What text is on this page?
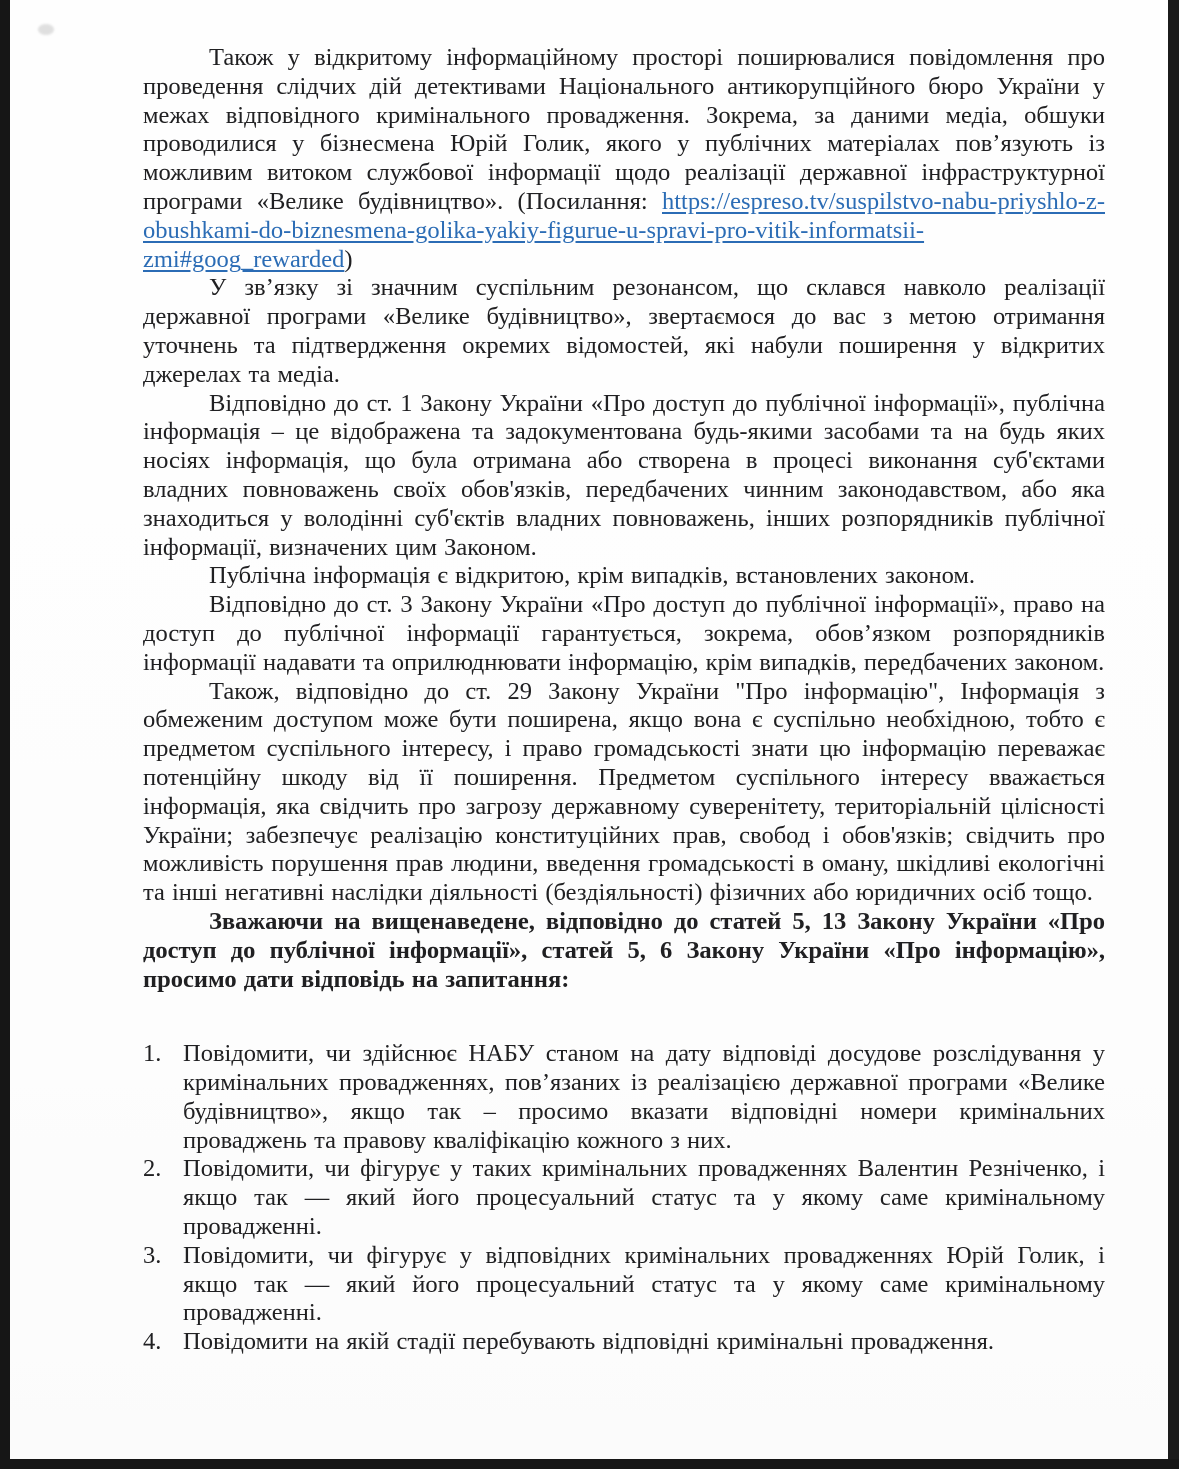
Також у відкритому інформаційному просторі поширювалися повідомлення про проведення слідчих дій детективами Національного антикорупційного бюро України у межах відповідного кримінального провадження. Зокрема, за даними медіа, обшуки проводилися у бізнесмена Юрій Голик, якого у публічних матеріалах пов’язують із можливим витоком службової інформації щодо реалізації державної інфраструктурної програми «Велике будівництво». (Посилання: https://espreso.tv/suspilstvo-nabu-priyshlo-z-obushkami-do-biznesmena-golika-yakiy-figurue-u-spravi-pro-vitik-informatsii-zmi#goog_rewarded)

У зв’язку зі значним суспільним резонансом, що склався навколо реалізації державної програми «Велике будівництво», звертаємося до вас з метою отримання уточнень та підтвердження окремих відомостей, які набули поширення у відкритих джерелах та медіа.

Відповідно до ст. 1 Закону України «Про доступ до публічної інформації», публічна інформація – це відображена та задокументована будь-якими засобами та на будь яких носіях інформація, що була отримана або створена в процесі виконання суб'єктами владних повноважень своїх обов'язків, передбачених чинним законодавством, або яка знаходиться у володінні суб'єктів владних повноважень, інших розпорядників публічної інформації, визначених цим Законом.

Публічна інформація є відкритою, крім випадків, встановлених законом.

Відповідно до ст. 3 Закону України «Про доступ до публічної інформації», право на доступ до публічної інформації гарантується, зокрема, обов’язком розпорядників інформації надавати та оприлюднювати інформацію, крім випадків, передбачених законом.

Також, відповідно до ст. 29 Закону України "Про інформацію", Інформація з обмеженим доступом може бути поширена, якщо вона є суспільно необхідною, тобто є предметом суспільного інтересу, і право громадськості знати цю інформацію переважає потенційну шкоду від її поширення. Предметом суспільного інтересу вважається інформація, яка свідчить про загрозу державному суверенітету, територіальній цілісності України; забезпечує реалізацію конституційних прав, свобод і обов'язків; свідчить про можливість порушення прав людини, введення громадськості в оману, шкідливі екологічні та інші негативні наслідки діяльності (бездіяльності) фізичних або юридичних осіб тощо.

Зважаючи на вищенаведене, відповідно до статей 5, 13 Закону України «Про доступ до публічної інформації», статей 5, 6 Закону України «Про інформацію», просимо дати відповідь на запитання:

1. Повідомити, чи здійснює НАБУ станом на дату відповіді досудове розслідування у кримінальних провадженнях, пов’язаних із реалізацією державної програми «Велике будівництво», якщо так – просимо вказати відповідні номери кримінальних проваджень та правову кваліфікацію кожного з них.
2. Повідомити, чи фігурує у таких кримінальних провадженнях Валентин Резніченко, і якщо так — який його процесуальний статус та у якому саме кримінальному провадженні.
3. Повідомити, чи фігурує у відповідних кримінальних провадженнях Юрій Голик, і якщо так — який його процесуальний статус та у якому саме кримінальному провадженні.
4. Повідомити на якій стадії перебувають відповідні кримінальні провадження.
